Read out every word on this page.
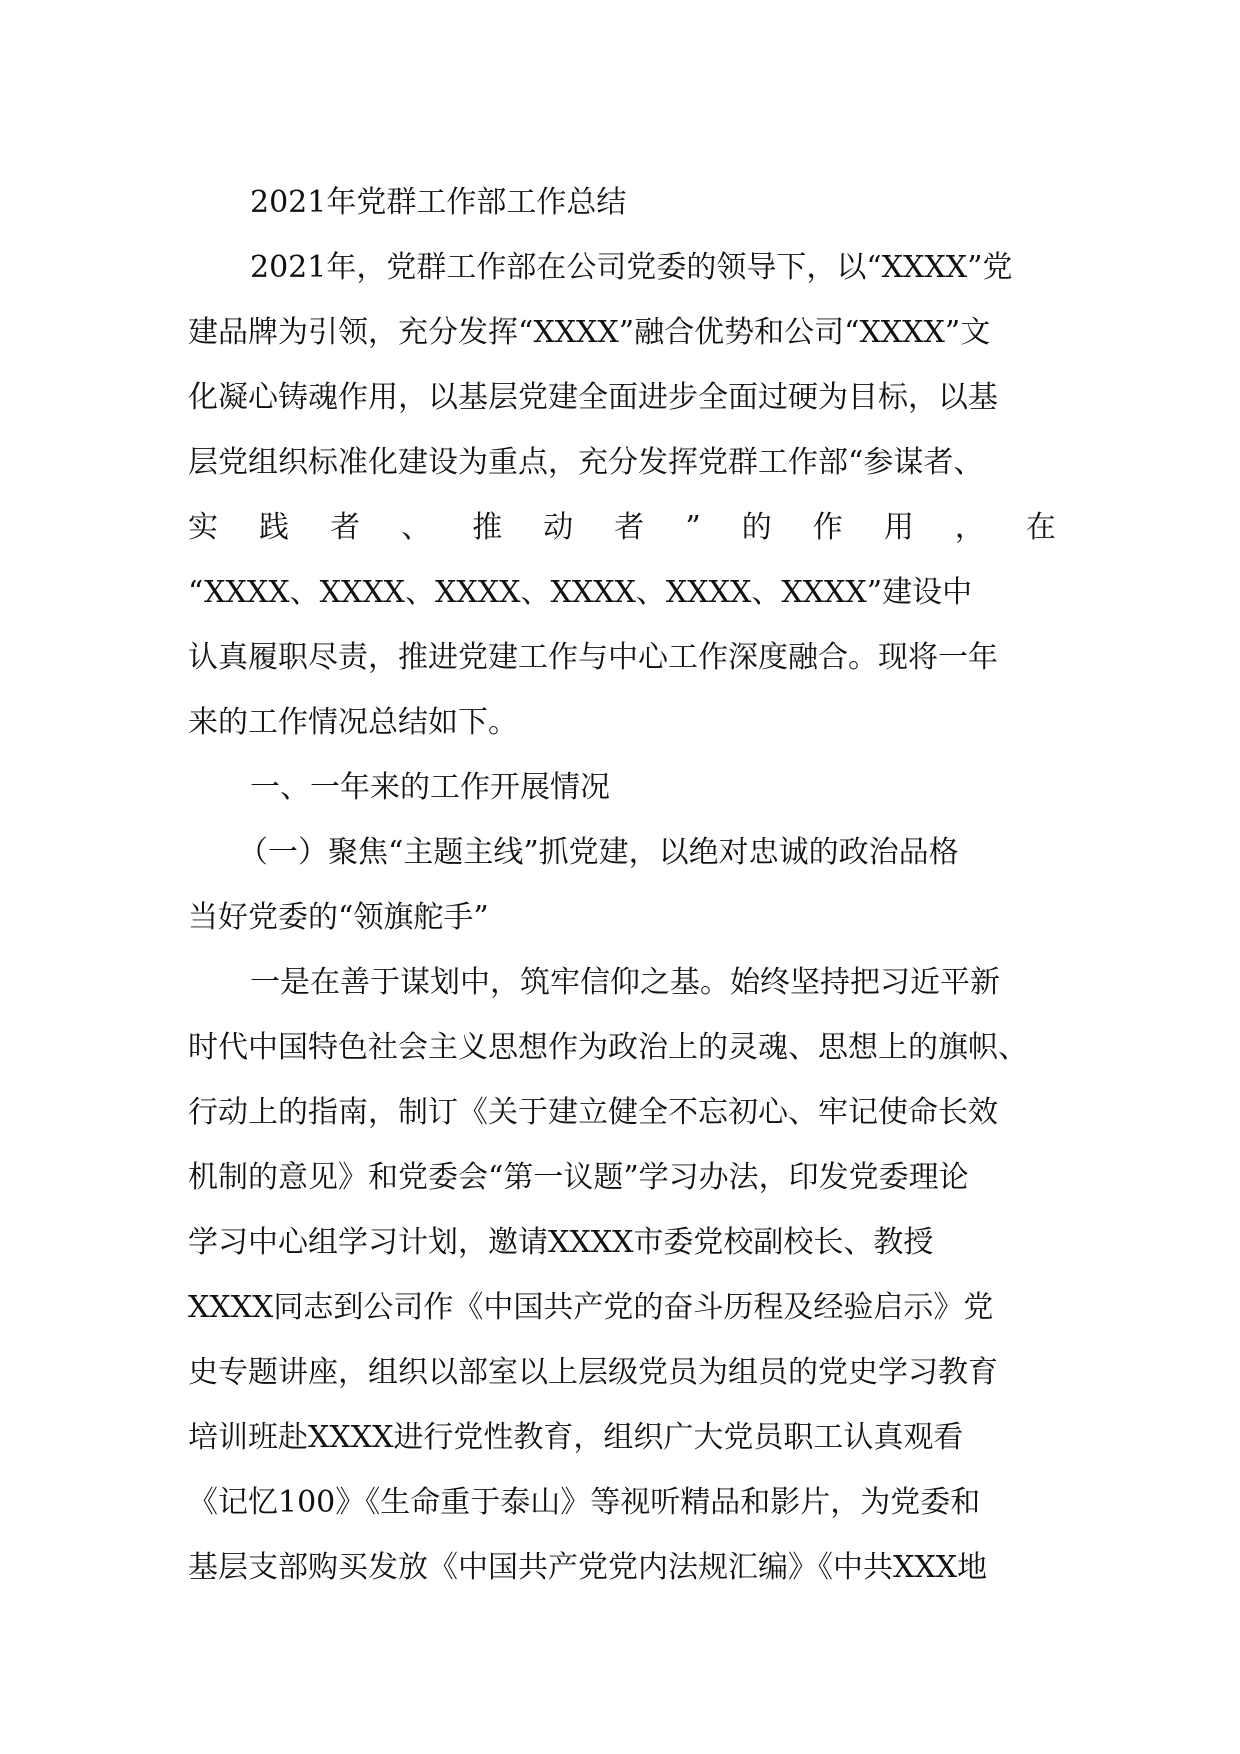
2021年党群工作部工作总结
2021年，党群工作部在公司党委的领导下，以“XXXX”党
建品牌为引领，充分发挥“XXXX”融合优势和公司“XXXX”文
化凝心铸魂作用，以基层党建全面进步全面过硬为目标，以基
层党组织标准化建设为重点，充分发挥党群工作部“参谋者、
实 践 者 、 推 动 者 ” 的 作 用 ， 在
“XXXX、XXXX、XXXX、XXXX、XXXX、XXXX”建设中
认真履职尽责，推进党建工作与中心工作深度融合。现将一年
来的工作情况总结如下。
一、一年来的工作开展情况
（一）聚焦“主题主线”抓党建，以绝对忠诚的政治品格
当好党委的“领旗舵手”
一是在善于谋划中，筑牢信仰之基。始终坚持把习近平新
时代中国特色社会主义思想作为政治上的灵魂、思想上的旗帜、
行动上的指南，制订《关于建立健全不忘初心、牢记使命长效
机制的意见》和党委会“第一议题”学习办法，印发党委理论
学习中心组学习计划，邀请XXXX市委党校副校长、教授
XXXX同志到公司作《中国共产党的奋斗历程及经验启示》党
史专题讲座，组织以部室以上层级党员为组员的党史学习教育
培训班赴XXXX进行党性教育，组织广大党员职工认真观看
《记忆100》《生命重于泰山》等视听精品和影片，为党委和
基层支部购买发放《中国共产党党内法规汇编》《中共XXX地
